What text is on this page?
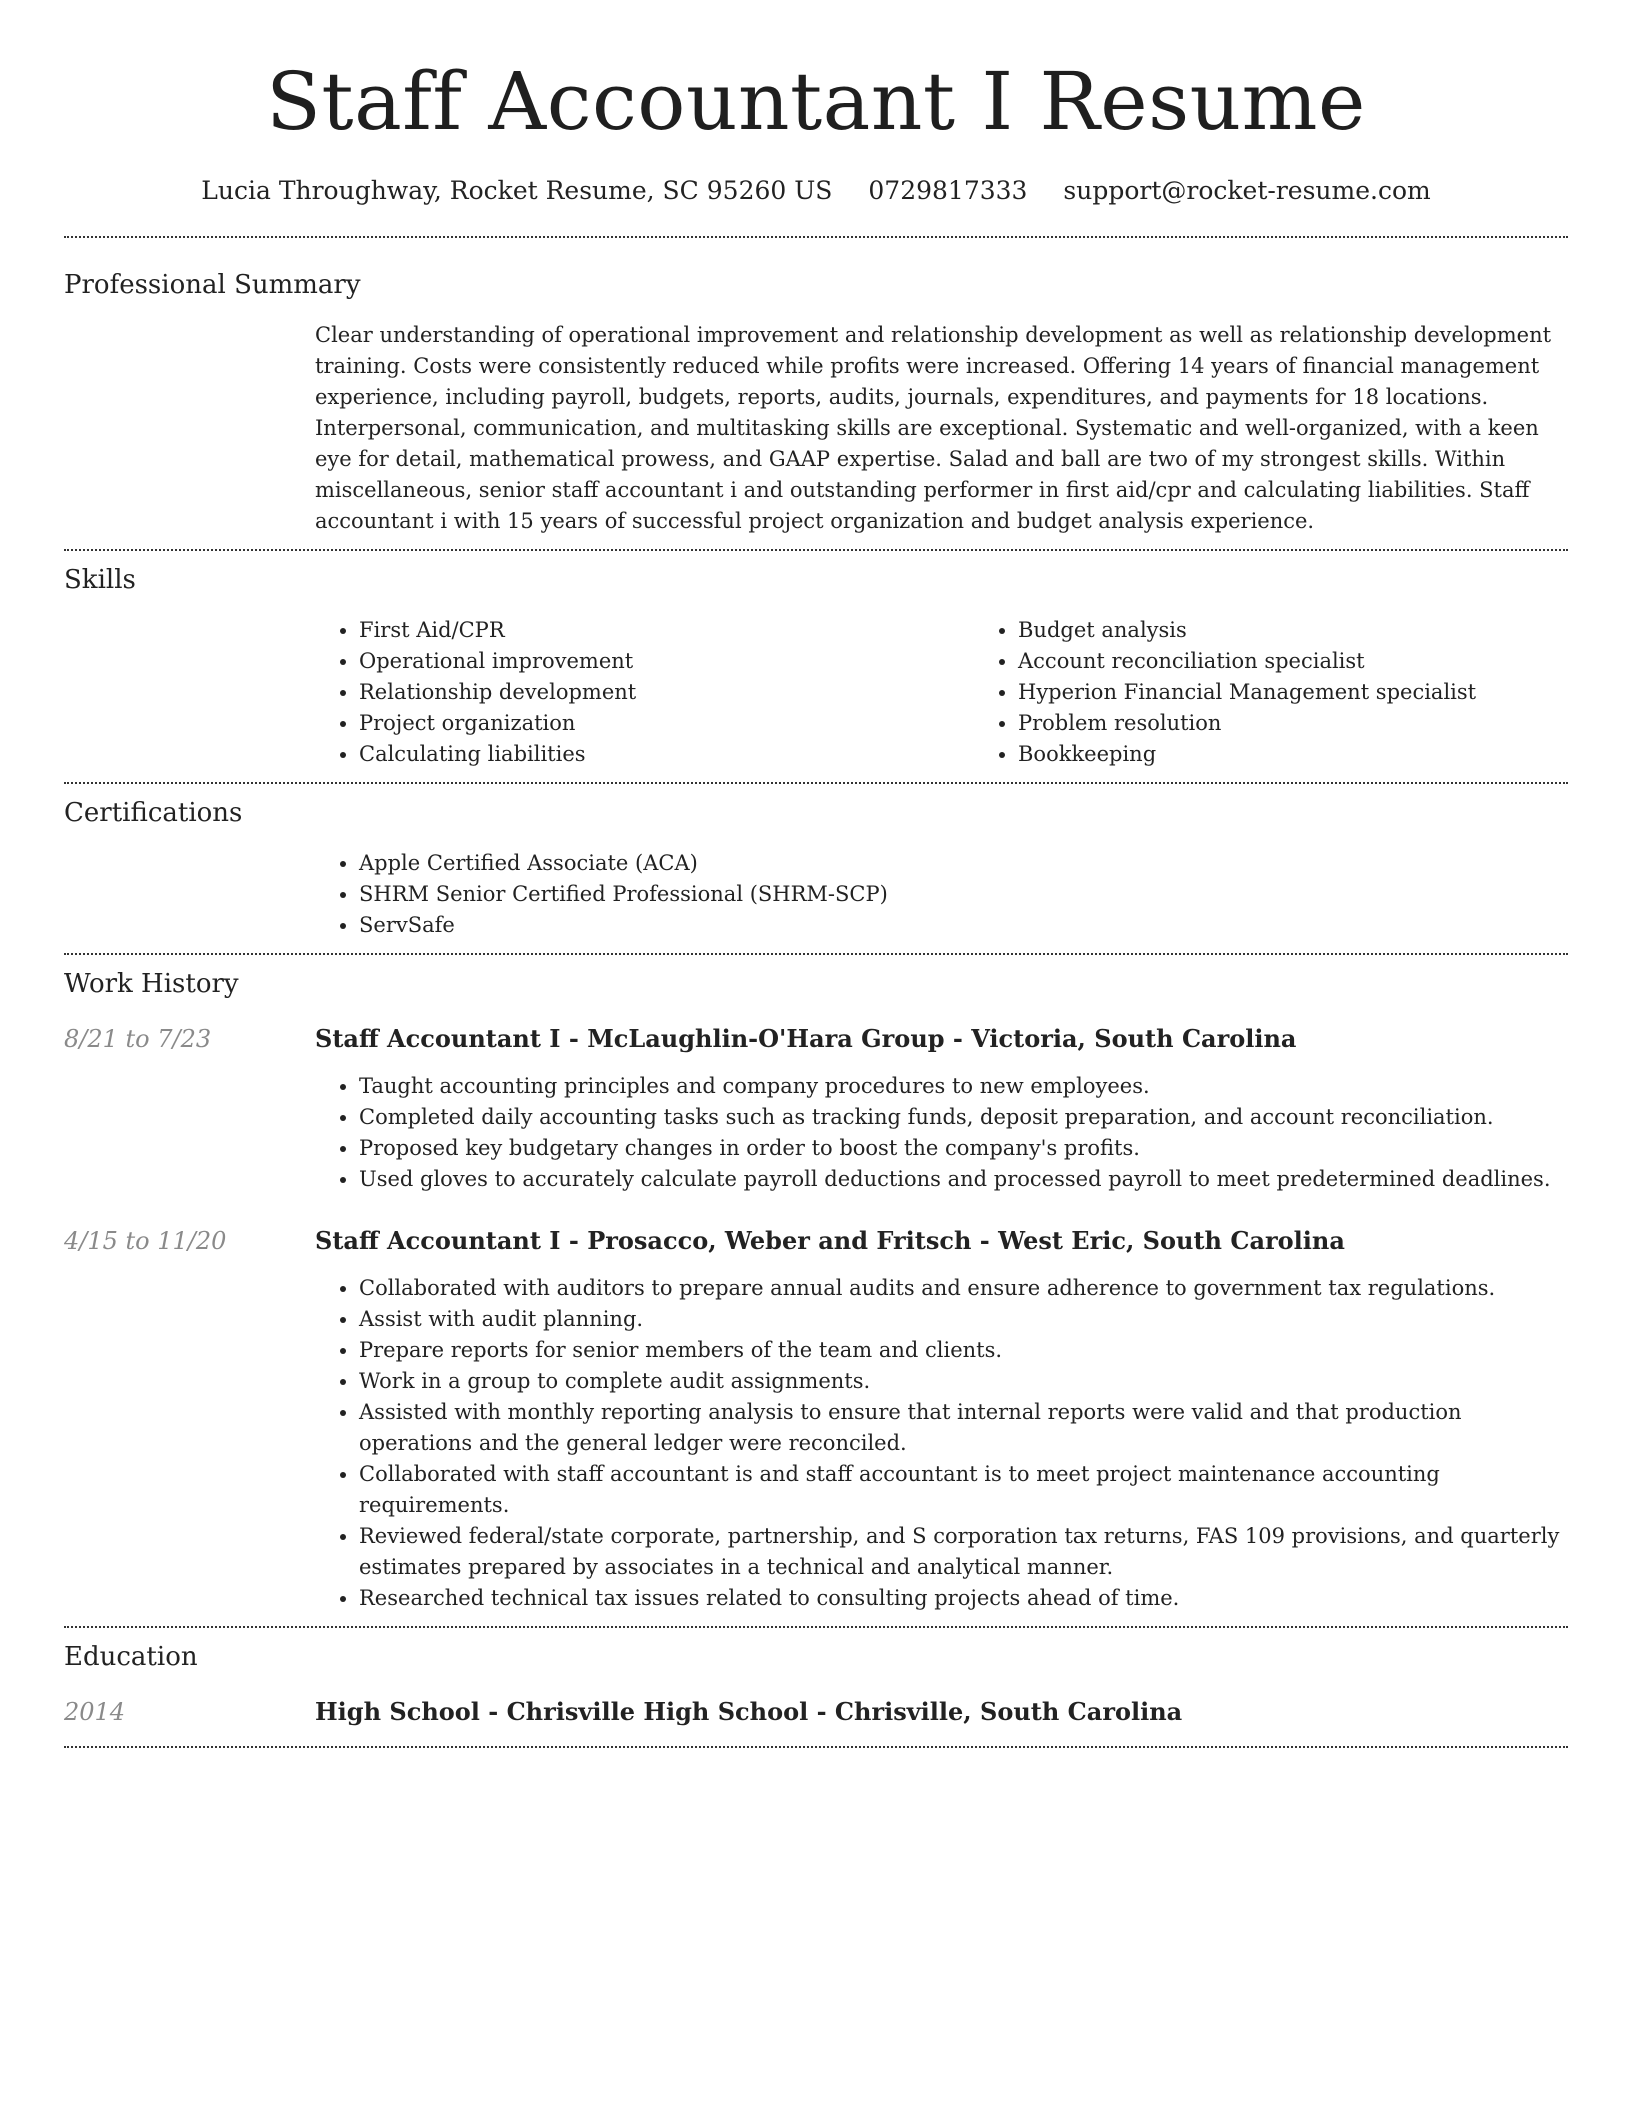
Staff Accountant I Resume
Lucia Throughway, Rocket Resume, SC 95260 US 0729817333 support@rocket-resume.com
Professional Summary

Clear understanding of operational improvement and relationship development as well as relationship development training. Costs were consistently reduced while profits were increased. Offering 14 years of financial management experience, including payroll, budgets, reports, audits, journals, expenditures, and payments for 18 locations. Interpersonal, communication, and multitasking skills are exceptional. Systematic and well-organized, with a keen eye for detail, mathematical prowess, and GAAP expertise. Salad and ball are two of my strongest skills. Within miscellaneous, senior staff accountant i and outstanding performer in first aid/cpr and calculating liabilities. Staff accountant i with 15 years of successful project organization and budget analysis experience.

Skills
• First Aid/CPR
• Operational improvement
• Relationship development
• Project organization
• Calculating liabilities
• Budget analysis
• Account reconciliation specialist
• Hyperion Financial Management specialist
• Problem resolution
• Bookkeeping
Certifications
• Apple Certified Associate (ACA)
• SHRM Senior Certified Professional (SHRM-SCP)
• ServSafe
Work History
8/21 to 7/23	Staff Accountant I - McLaughlin-O'Hara Group - Victoria, South Carolina
• Taught accounting principles and company procedures to new employees.
• Completed daily accounting tasks such as tracking funds, deposit preparation, and account reconciliation.
• Proposed key budgetary changes in order to boost the company's profits.
• Used gloves to accurately calculate payroll deductions and processed payroll to meet predetermined deadlines.
4/15 to 11/20	Staff Accountant I - Prosacco, Weber and Fritsch - West Eric, South Carolina
• Collaborated with auditors to prepare annual audits and ensure adherence to government tax regulations.
• Assist with audit planning.
• Prepare reports for senior members of the team and clients.
• Work in a group to complete audit assignments.
• Assisted with monthly reporting analysis to ensure that internal reports were valid and that production operations and the general ledger were reconciled.
• Collaborated with staff accountant is and staff accountant is to meet project maintenance accounting requirements.
• Reviewed federal/state corporate, partnership, and S corporation tax returns, FAS 109 provisions, and quarterly estimates prepared by associates in a technical and analytical manner.
• Researched technical tax issues related to consulting projects ahead of time.
Education
2014	High School - Chrisville High School - Chrisville, South Carolina
